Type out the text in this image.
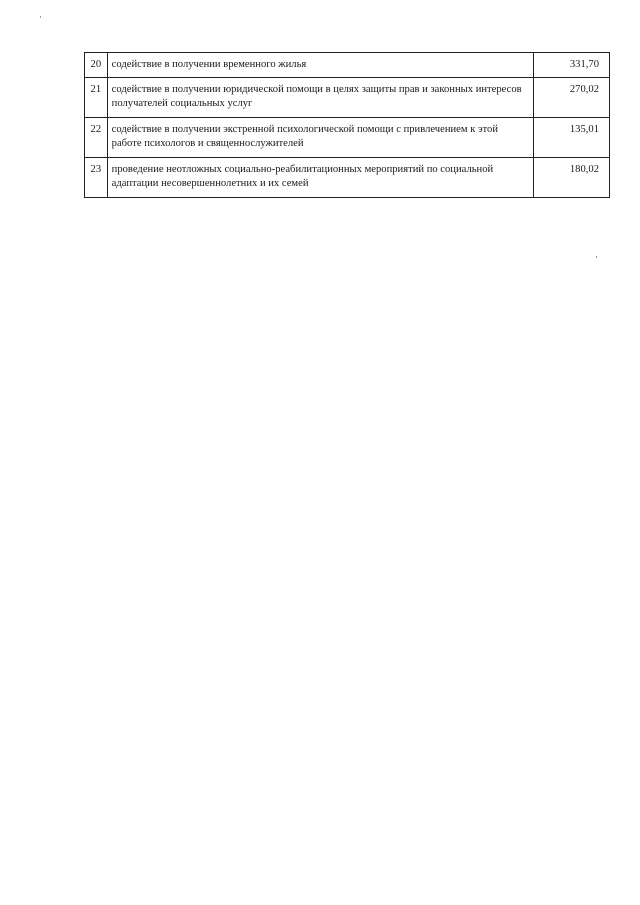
20	содействие в получении временного жилья	331,70
21	содействие в получении юридической помощи в целях защиты прав и законных интересов получателей социальных услуг	270,02
22	содействие в получении экстренной психологической помощи с привлечением к этой работе психологов и священнослужителей	135,01
23	проведение неотложных социально-реабилитационных мероприятий по социальной адаптации несовершеннолетних и их семей	180,02
